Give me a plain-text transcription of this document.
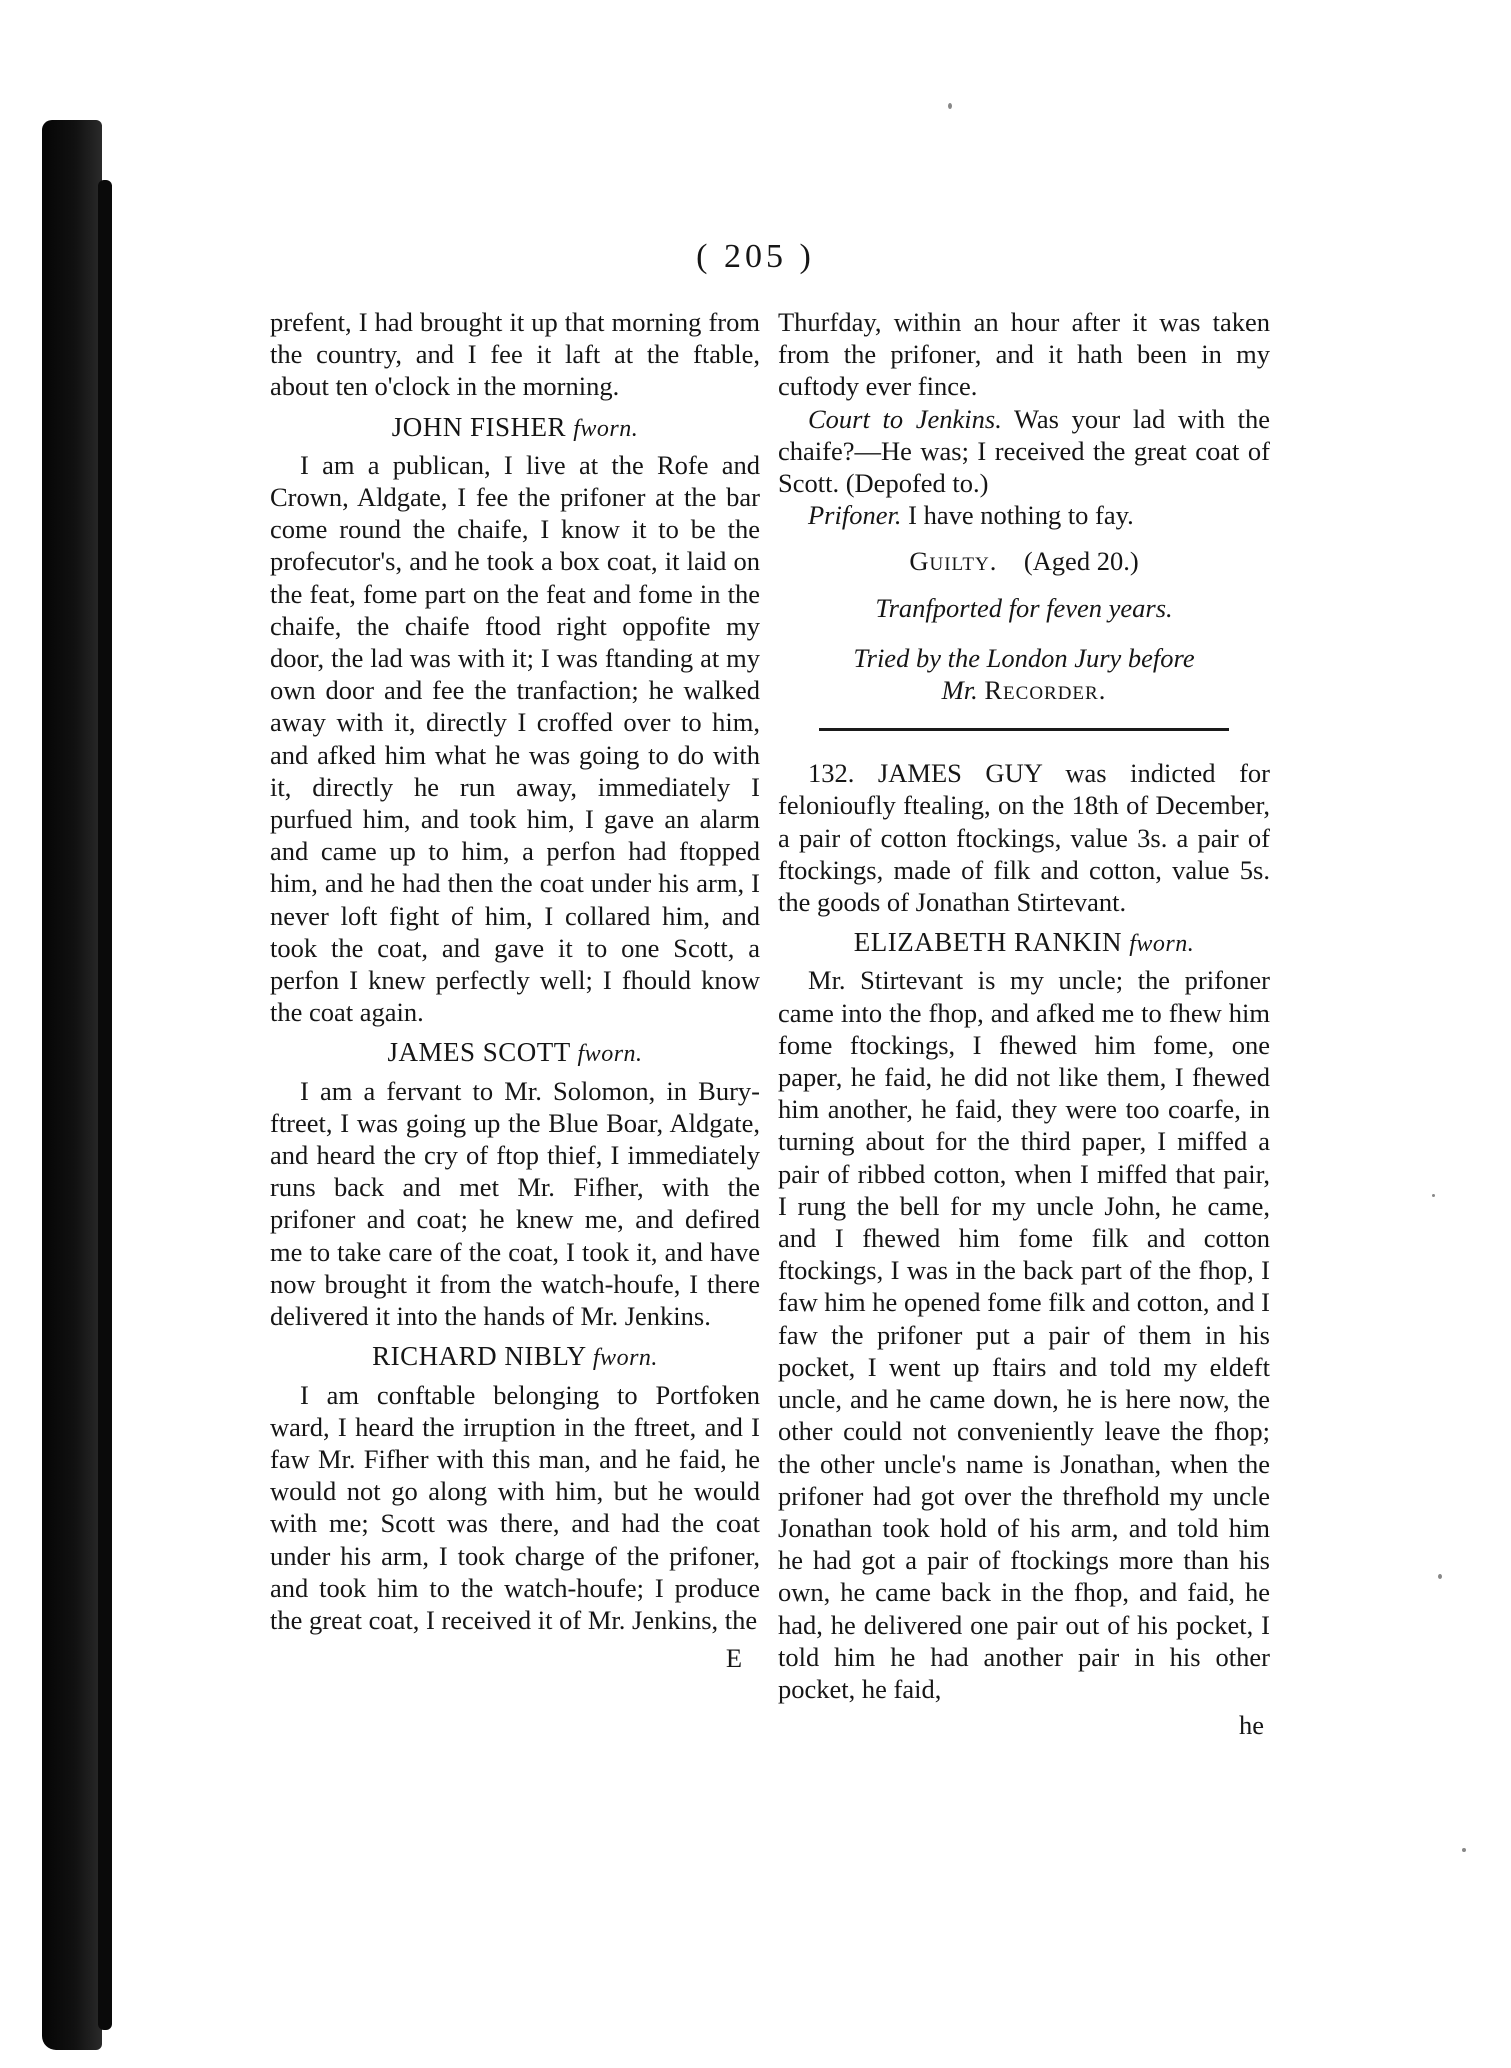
( 205 )

prefent, I had brought it up that morning from the country, and I fee it laft at the ftable, about ten o'clock in the morning.

JOHN FISHER fworn.

I am a publican, I live at the Rofe and Crown, Aldgate, I fee the prifoner at the bar come round the chaife, I know it to be the profecutor's, and he took a box coat, it laid on the feat, fome part on the feat and fome in the chaife, the chaife ftood right oppofite my door, the lad was with it; I was ftanding at my own door and fee the tranfaction; he walked away with it, directly I croffed over to him, and afked him what he was going to do with it, directly he run away, immediately I purfued him, and took him, I gave an alarm and came up to him, a perfon had ftopped him, and he had then the coat under his arm, I never loft fight of him, I collared him, and took the coat, and gave it to one Scott, a perfon I knew perfectly well; I fhould know the coat again.

JAMES SCOTT fworn.

I am a fervant to Mr. Solomon, in Bury-ftreet, I was going up the Blue Boar, Aldgate, and heard the cry of ftop thief, I immediately runs back and met Mr. Fifher, with the prifoner and coat; he knew me, and defired me to take care of the coat, I took it, and have now brought it from the watch-houfe, I there delivered it into the hands of Mr. Jenkins.

RICHARD NIBLY fworn.

I am conftable belonging to Portfoken ward, I heard the irruption in the ftreet, and I faw Mr. Fifher with this man, and he faid, he would not go along with him, but he would with me; Scott was there, and had the coat under his arm, I took charge of the prifoner, and took him to the watch-houfe; I produce the great coat, I received it of Mr. Jenkins, the

E

Thurfday, within an hour after it was taken from the prifoner, and it hath been in my cuftody ever fince.

Court to Jenkins. Was your lad with the chaife?—He was; I received the great coat of Scott. (Depofed to.)

Prifoner. I have nothing to fay.

Guilty. (Aged 20.)
Tranfported for feven years.
Tried by the London Jury before
Mr. Recorder.

132. JAMES GUY was indicted for felonioufly ftealing, on the 18th of December, a pair of cotton ftockings, value 3s. a pair of ftockings, made of filk and cotton, value 5s. the goods of Jonathan Stirtevant.

ELIZABETH RANKIN fworn.

Mr. Stirtevant is my uncle; the prifoner came into the fhop, and afked me to fhew him fome ftockings, I fhewed him fome, one paper, he faid, he did not like them, I fhewed him another, he faid, they were too coarfe, in turning about for the third paper, I miffed a pair of ribbed cotton, when I miffed that pair, I rung the bell for my uncle John, he came, and I fhewed him fome filk and cotton ftockings, I was in the back part of the fhop, I faw him he opened fome filk and cotton, and I faw the prifoner put a pair of them in his pocket, I went up ftairs and told my eldeft uncle, and he came down, he is here now, the other could not conveniently leave the fhop; the other uncle's name is Jonathan, when the prifoner had got over the threfhold my uncle Jonathan took hold of his arm, and told him he had got a pair of ftockings more than his own, he came back in the fhop, and faid, he had, he delivered one pair out of his pocket, I told him he had another pair in his other pocket, he faid,

he
